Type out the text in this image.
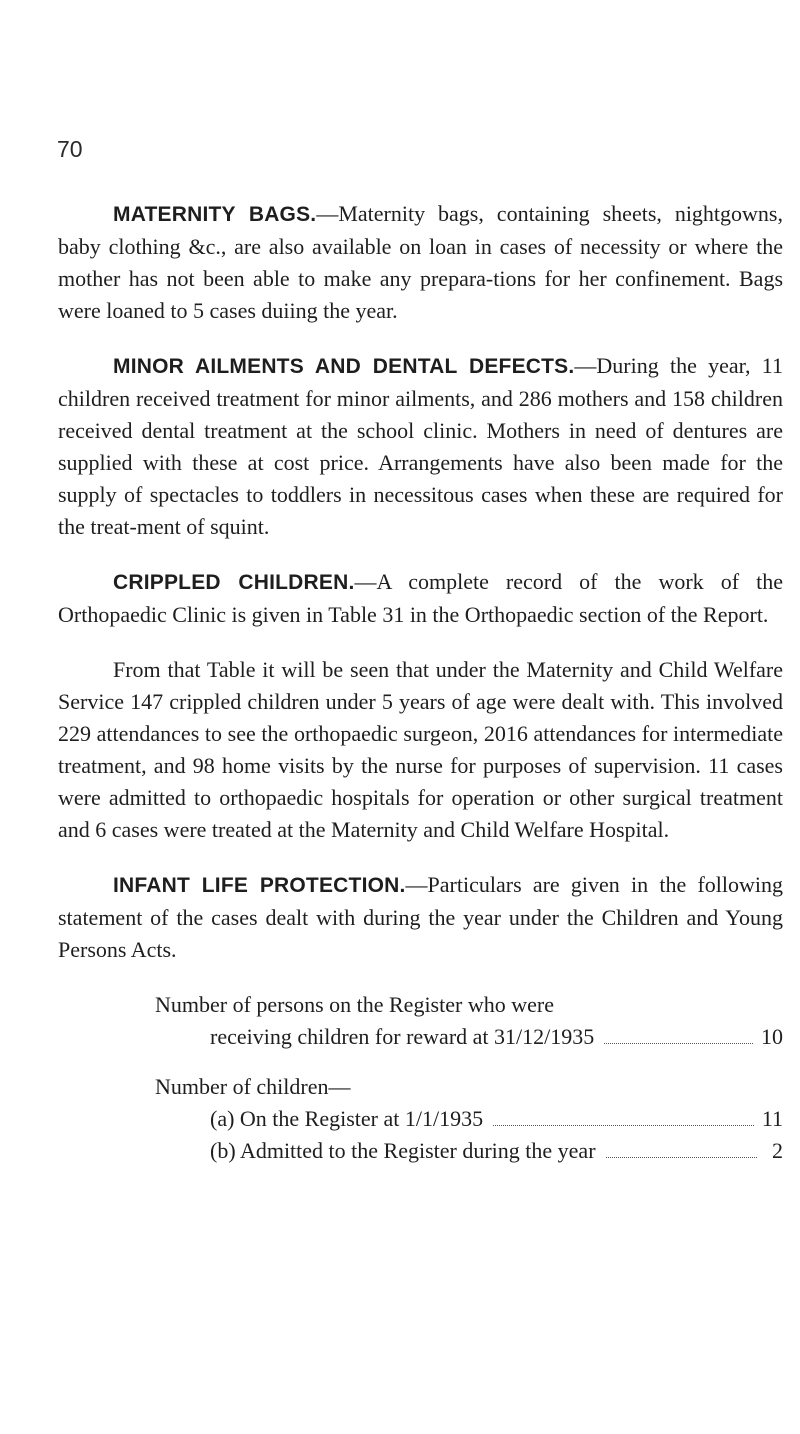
70

MATERNITY BAGS.—Maternity bags, containing sheets, nightgowns, baby clothing &c., are also available on loan in cases of necessity or where the mother has not been able to make any prepara-tions for her confinement. Bags were loaned to 5 cases duiing the year.

MINOR AILMENTS AND DENTAL DEFECTS.—During the year, 11 children received treatment for minor ailments, and 286 mothers and 158 children received dental treatment at the school clinic. Mothers in need of dentures are supplied with these at cost price. Arrangements have also been made for the supply of spectacles to toddlers in necessitous cases when these are required for the treat-ment of squint.

CRIPPLED CHILDREN.—A complete record of the work of the Orthopaedic Clinic is given in Table 31 in the Orthopaedic section of the Report.

From that Table it will be seen that under the Maternity and Child Welfare Service 147 crippled children under 5 years of age were dealt with. This involved 229 attendances to see the orthopaedic surgeon, 2016 attendances for intermediate treatment, and 98 home visits by the nurse for purposes of supervision. 11 cases were admitted to orthopaedic hospitals for operation or other surgical treatment and 6 cases were treated at the Maternity and Child Welfare Hospital.

INFANT LIFE PROTECTION.—Particulars are given in the following statement of the cases dealt with during the year under the Children and Young Persons Acts.

Number of persons on the Register who were
receiving children for reward at 31/12/1935	10
Number of children—
(a) On the Register at 1/1/1935	11
(b) Admitted to the Register during the year	2
